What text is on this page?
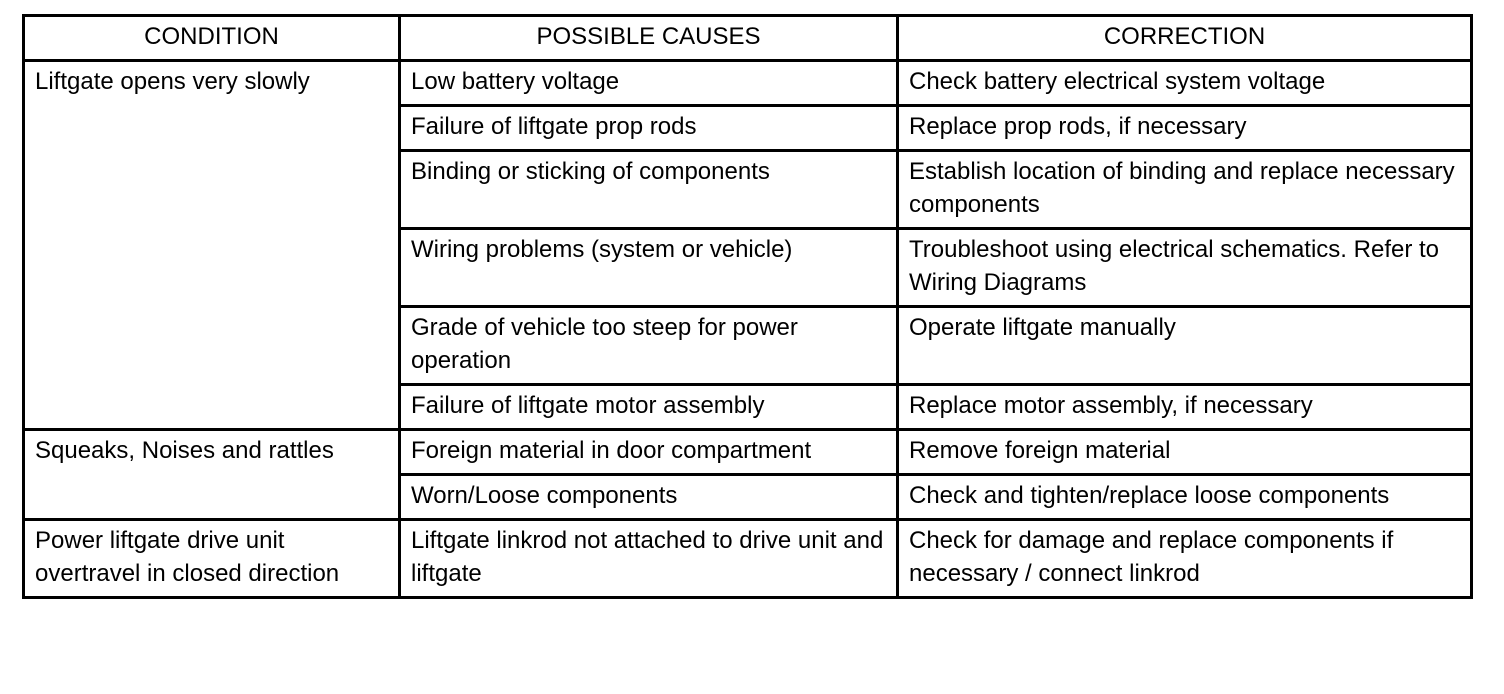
CONDITION	POSSIBLE CAUSES	CORRECTION

Liftgate opens very slowly	Low battery voltage	Check battery electrical system voltage

	Failure of liftgate prop rods	Replace prop rods, if necessary

	Binding or sticking of components	Establish location of binding and replace necessary components

	Wiring problems (system or vehicle)	Troubleshoot using electrical schematics. Refer to Wiring Diagrams

	Grade of vehicle too steep for power operation	Operate liftgate manually

	Failure of liftgate motor assembly	Replace motor assembly, if necessary

Squeaks, Noises and rattles	Foreign material in door compartment	Remove foreign material

	Worn/Loose components	Check and tighten/replace loose components

Power liftgate drive unit overtravel in closed direction	Liftgate linkrod not attached to drive unit and liftgate	Check for damage and replace components if necessary / connect linkrod
